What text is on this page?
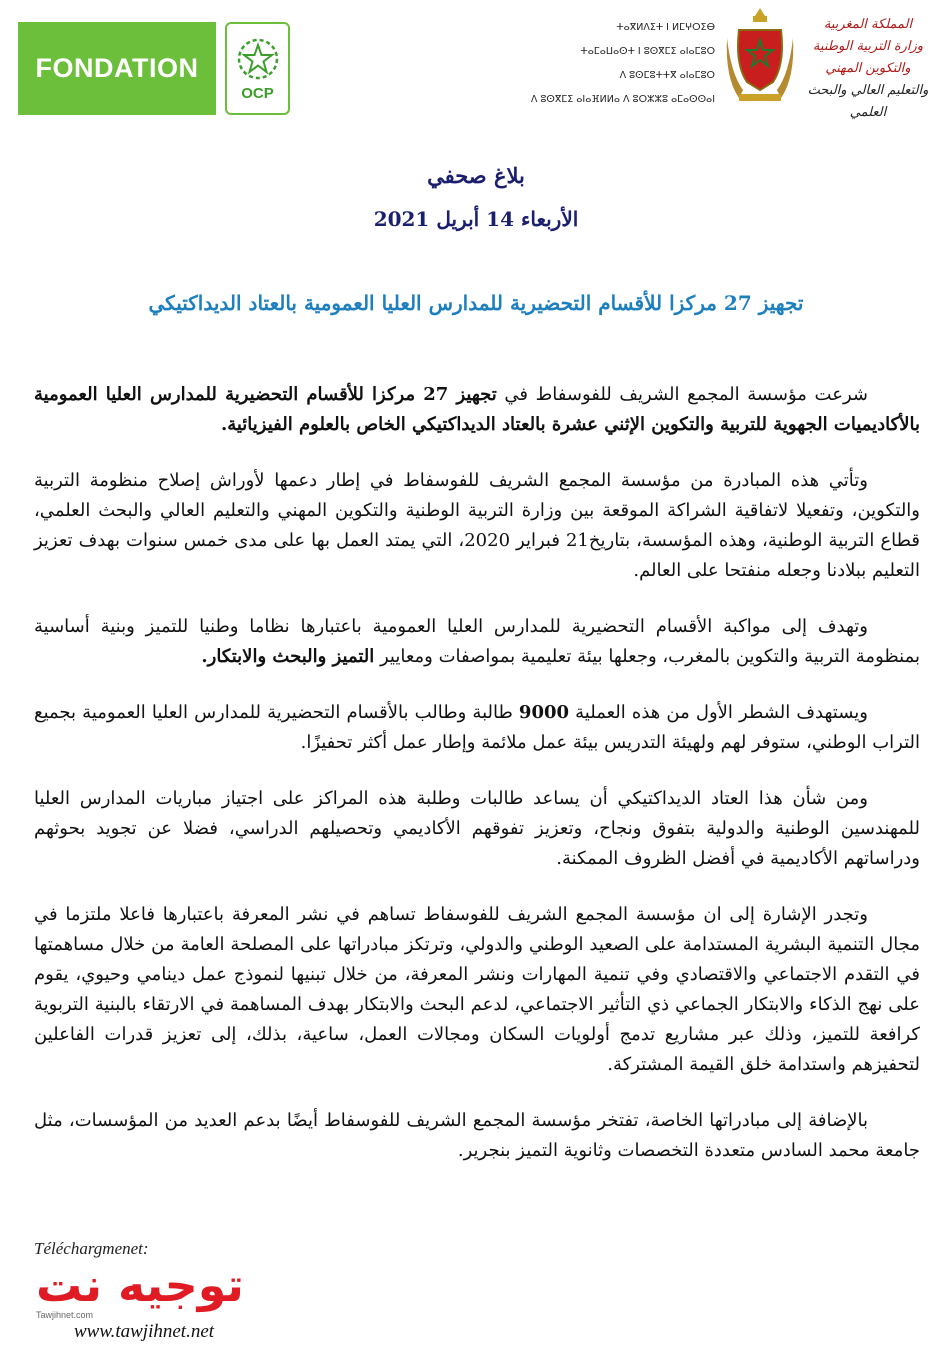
FONDATION
OCP
ⵜⴰⴳⵍⴷⵉⵜ ⵏ ⵍⵎⵖⵔⵉⴱ
ⵜⴰⵎⴰⵡⴰⵙⵜ ⵏ ⵓⵙⴳⵎⵉ ⴰⵏⴰⵎⵓⵔ
ⴷ ⵓⵙⵎⵓⵜⵜⴳ ⴰⵏⴰⵎⵓⵔ
ⴷ ⵓⵙⴳⵎⵉ ⴰⵏⴰⴼⵍⵍⴰ ⴷ ⵓⵔⵣⵣⵓ ⴰⵎⴰⵙⵙⴰⵏ
المملكة المغربية
وزارة التربية الوطنية
والتكوين المهني
والتعليم العالي والبحث العلمي
بلاغ صحفي
الأربعاء 14 أبريل 2021
تجهيز 27 مركزا للأقسام التحضيرية للمدارس العليا العمومية بالعتاد الديداكتيكي

شرعت مؤسسة المجمع الشريف للفوسفاط في تجهيز 27 مركزا للأقسام التحضيرية للمدارس العليا العمومية بالأكاديميات الجهوية للتربية والتكوين الإثني عشرة بالعتاد الديداكتيكي الخاص بالعلوم الفيزيائية.

وتأتي هذه المبادرة من مؤسسة المجمع الشريف للفوسفاط في إطار دعمها لأوراش إصلاح منظومة التربية والتكوين، وتفعيلا لاتفاقية الشراكة الموقعة بين وزارة التربية الوطنية والتكوين المهني والتعليم العالي والبحث العلمي، قطاع التربية الوطنية، وهذه المؤسسة، بتاريخ21 فبراير 2020، التي يمتد العمل بها على مدى خمس سنوات بهدف تعزيز التعليم ببلادنا وجعله منفتحا على العالم.

وتهدف إلى مواكبة الأقسام التحضيرية للمدارس العليا العمومية باعتبارها نظاما وطنيا للتميز وبنية أساسية بمنظومة التربية والتكوين بالمغرب، وجعلها بيئة تعليمية بمواصفات ومعايير التميز والبحث والابتكار.

ويستهدف الشطر الأول من هذه العملية 9000 طالبة وطالب بالأقسام التحضيرية للمدارس العليا العمومية بجميع التراب الوطني، ستوفر لهم ولهيئة التدريس بيئة عمل ملائمة وإطار عمل أكثر تحفيزًا.

ومن شأن هذا العتاد الديداكتيكي أن يساعد طالبات وطلبة هذه المراكز على اجتياز مباريات المدارس العليا للمهندسين الوطنية والدولية بتفوق ونجاح، وتعزيز تفوقهم الأكاديمي وتحصيلهم الدراسي، فضلا عن تجويد بحوثهم ودراساتهم الأكاديمية في أفضل الظروف الممكنة.

وتجدر الإشارة إلى ان مؤسسة المجمع الشريف للفوسفاط تساهم في نشر المعرفة باعتبارها فاعلا ملتزما في مجال التنمية البشرية المستدامة على الصعيد الوطني والدولي، وترتكز مبادراتها على المصلحة العامة من خلال مساهمتها في التقدم الاجتماعي والاقتصادي وفي تنمية المهارات ونشر المعرفة، من خلال تبنيها لنموذج عمل دينامي وحيوي، يقوم على نهج الذكاء والابتكار الجماعي ذي التأثير الاجتماعي، لدعم البحث والابتكار بهدف المساهمة في الارتقاء بالبنية التربوية كرافعة للتميز، وذلك عبر مشاريع تدمج أولويات السكان ومجالات العمل، ساعية، بذلك، إلى تعزيز قدرات الفاعلين لتحفيزهم واستدامة خلق القيمة المشتركة.

بالإضافة إلى مبادراتها الخاصة، تفتخر مؤسسة المجمع الشريف للفوسفاط أيضًا بدعم العديد من المؤسسات، مثل جامعة محمد السادس متعددة التخصصات وثانوية التميز بنجرير.

Téléchargmenet:
توجيه نت
Tawjihnet.com
www.tawjihnet.net
